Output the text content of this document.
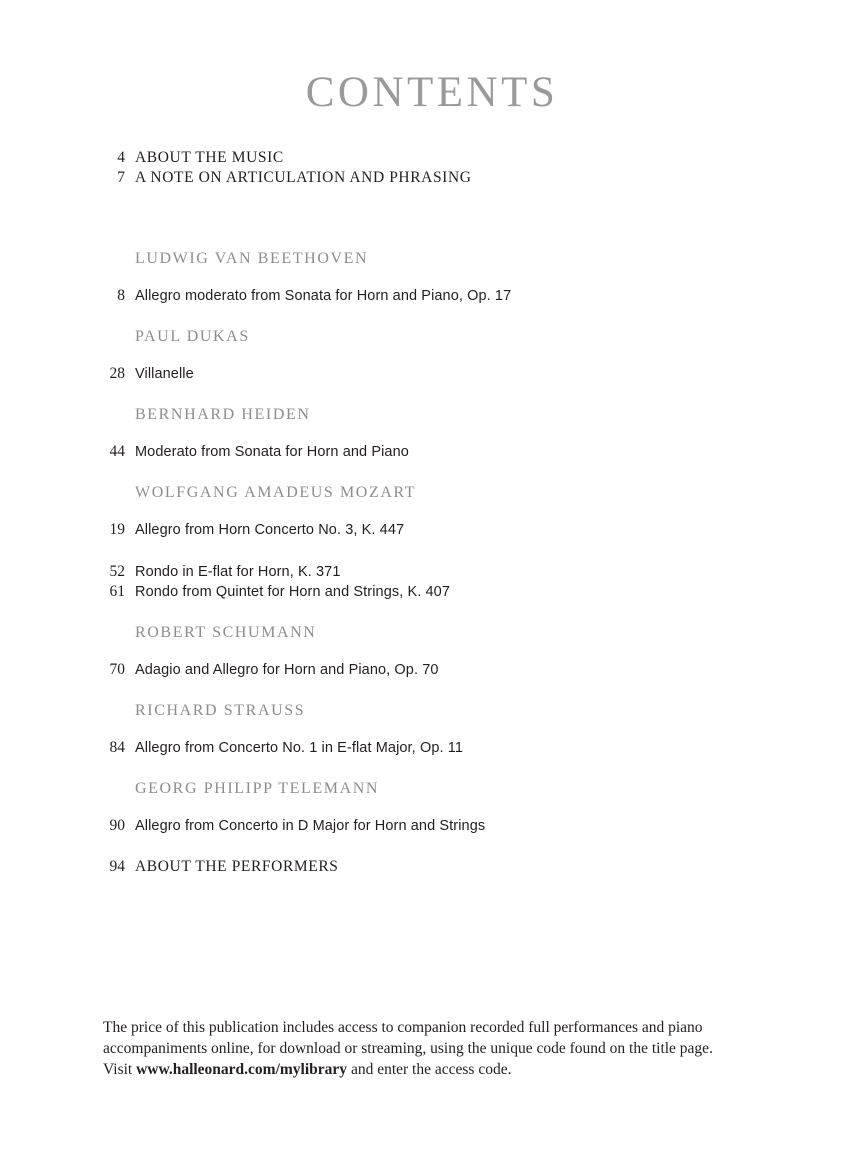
CONTENTS
4 ABOUT THE MUSIC
7 A NOTE ON ARTICULATION AND PHRASING
LUDWIG VAN BEETHOVEN
8 Allegro moderato from Sonata for Horn and Piano, Op. 17
PAUL DUKAS
28 Villanelle
BERNHARD HEIDEN
44 Moderato from Sonata for Horn and Piano
WOLFGANG AMADEUS MOZART
19 Allegro from Horn Concerto No. 3, K. 447
52 Rondo in E-flat for Horn, K. 371
61 Rondo from Quintet for Horn and Strings, K. 407
ROBERT SCHUMANN
70 Adagio and Allegro for Horn and Piano, Op. 70
RICHARD STRAUSS
84 Allegro from Concerto No. 1 in E-flat Major, Op. 11
GEORG PHILIPP TELEMANN
90 Allegro from Concerto in D Major for Horn and Strings
94 ABOUT THE PERFORMERS
The price of this publication includes access to companion recorded full performances and piano
accompaniments online, for download or streaming, using the unique code found on the title page.
Visit www.halleonard.com/mylibrary and enter the access code.
